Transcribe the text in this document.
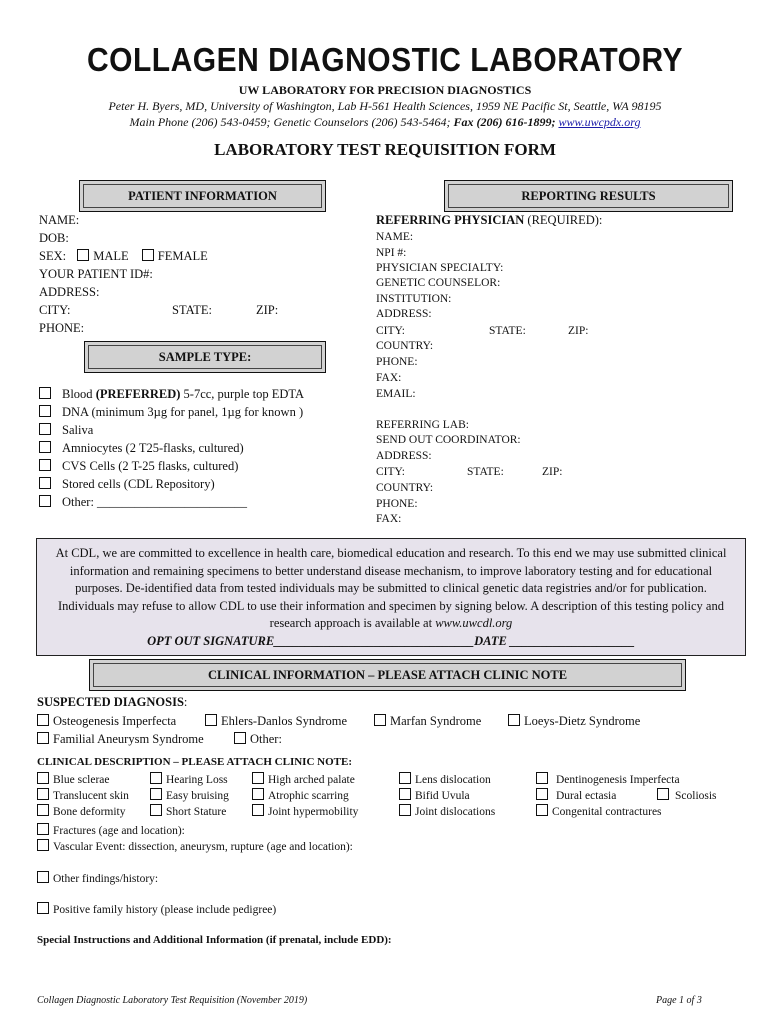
COLLAGEN DIAGNOSTIC LABORATORY
UW LABORATORY FOR PRECISION DIAGNOSTICS
Peter H. Byers, MD, University of Washington, Lab H-561 Health Sciences, 1959 NE Pacific St, Seattle, WA 98195
Main Phone (206) 543-0459; Genetic Counselors (206) 543-5464; Fax (206) 616-1899; www.uwcpdx.org
LABORATORY TEST REQUISITION FORM
PATIENT INFORMATION
NAME:
DOB:
SEX: MALE FEMALE
YOUR PATIENT ID#:
ADDRESS:
CITY:	STATE:	ZIP:
PHONE:
SAMPLE TYPE:
Blood (PREFERRED) 5-7cc, purple top EDTA
DNA (minimum 3µg for panel, 1µg for known )
Saliva
Amniocytes (2 T25-flasks, cultured)
CVS Cells (2 T-25 flasks, cultured)
Stored cells (CDL Repository)
Other: ________________________
REPORTING RESULTS
REFERRING PHYSICIAN (REQUIRED):
NAME:
NPI #:
PHYSICIAN SPECIALTY:
GENETIC COUNSELOR:
INSTITUTION:
ADDRESS:
CITY:	STATE:	ZIP:
COUNTRY:
PHONE:
FAX:
EMAIL:
REFERRING LAB:
SEND OUT COORDINATOR:
ADDRESS:
CITY:	STATE:	ZIP:
COUNTRY:
PHONE:
FAX:

At CDL, we are committed to excellence in health care, biomedical education and research. To this end we may use submitted clinical information and remaining specimens to better understand disease mechanism, to improve laboratory testing and for educational purposes. De-identified data from tested individuals may be submitted to clinical genetic data registries and/or for publication. Individuals may refuse to allow CDL to use their information and specimen by signing below. A description of this testing policy and research approach is available at www.uwcdl.org
OPT OUT SIGNATURE________________________________DATE ____________________

CLINICAL INFORMATION – PLEASE ATTACH CLINIC NOTE
SUSPECTED DIAGNOSIS:
Osteogenesis Imperfecta	Ehlers-Danlos Syndrome	Marfan Syndrome	Loeys-Dietz Syndrome
Familial Aneurysm Syndrome	Other:
CLINICAL DESCRIPTION – PLEASE ATTACH CLINIC NOTE:
Blue sclerae	Hearing Loss	High arched palate	Lens dislocation	Dentinogenesis Imperfecta
Translucent skin	Easy bruising	Atrophic scarring	Bifid Uvula	Dural ectasia	Scoliosis
Bone deformity	Short Stature	Joint hypermobility	Joint dislocations	Congenital contractures
Fractures (age and location):
Vascular Event: dissection, aneurysm, rupture (age and location):
Other findings/history:
Positive family history (please include pedigree)
Special Instructions and Additional Information (if prenatal, include EDD):
Collagen Diagnostic Laboratory Test Requisition (November 2019)	Page 1 of 3
